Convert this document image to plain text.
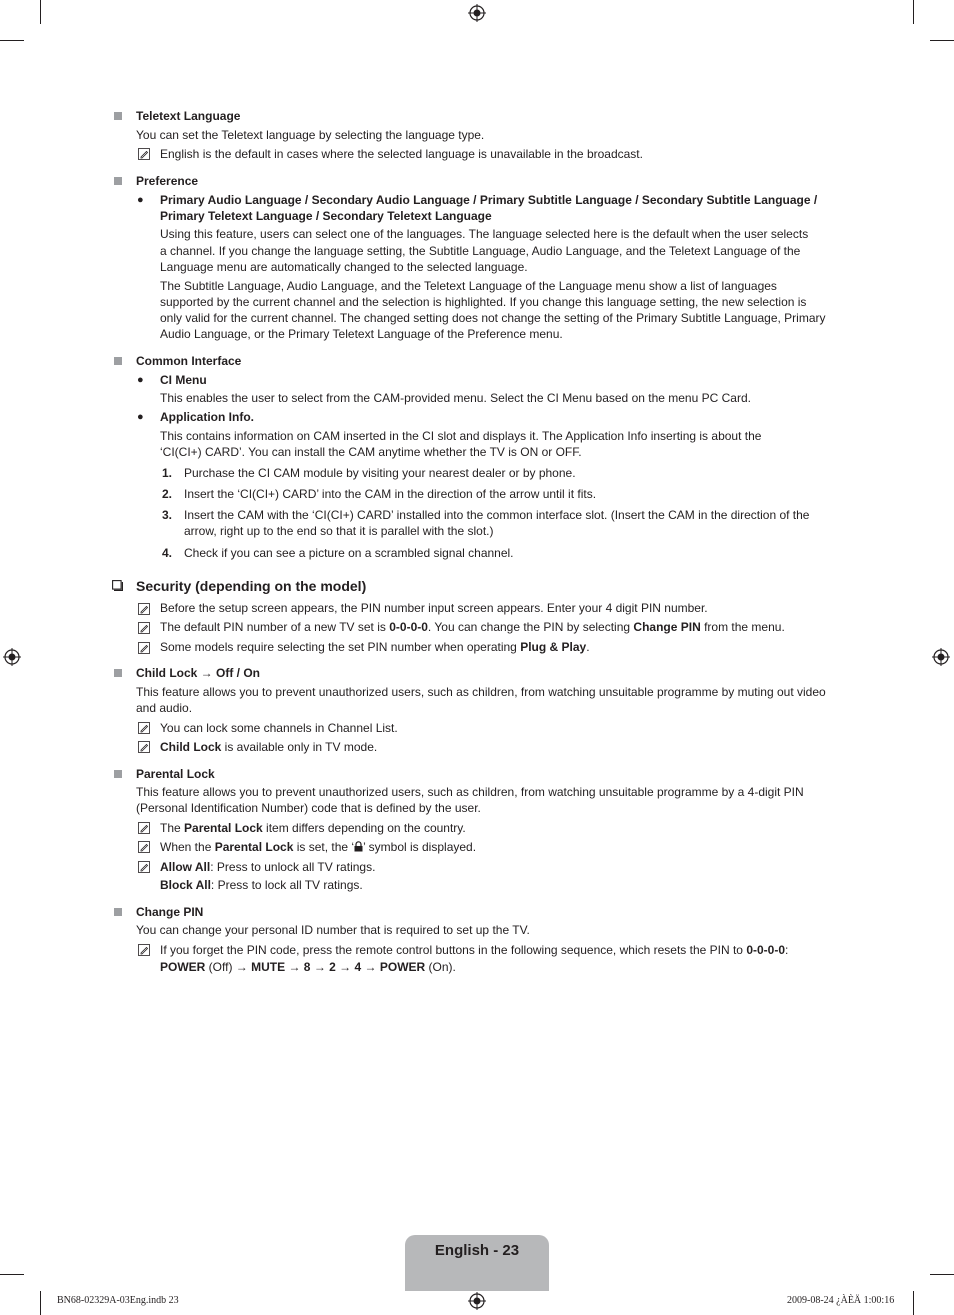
Teletext Language
You can set the Teletext language by selecting the language type.
English is the default in cases where the selected language is unavailable in the broadcast.
Preference
● Primary Audio Language / Secondary Audio Language / Primary Subtitle Language / Secondary Subtitle Language /
Primary Teletext Language / Secondary Teletext Language
Using this feature, users can select one of the languages. The language selected here is the default when the user selects
a channel. If you change the language setting, the Subtitle Language, Audio Language, and the Teletext Language of the
Language menu are automatically changed to the selected language.
The Subtitle Language, Audio Language, and the Teletext Language of the Language menu show a list of languages
supported by the current channel and the selection is highlighted. If you change this language setting, the new selection is
only valid for the current channel. The changed setting does not change the setting of the Primary Subtitle Language, Primary
Audio Language, or the Primary Teletext Language of the Preference menu.
Common Interface
● CI Menu
This enables the user to select from the CAM-provided menu. Select the CI Menu based on the menu PC Card.
● Application Info.
This contains information on CAM inserted in the CI slot and displays it. The Application Info inserting is about the
‘CI(CI+) CARD’. You can install the CAM anytime whether the TV is ON or OFF.
1. Purchase the CI CAM module by visiting your nearest dealer or by phone.
2. Insert the ‘CI(CI+) CARD’ into the CAM in the direction of the arrow until it fits.
3. Insert the CAM with the ‘CI(CI+) CARD’ installed into the common interface slot. (Insert the CAM in the direction of the
arrow, right up to the end so that it is parallel with the slot.)
4. Check if you can see a picture on a scrambled signal channel.
Security (depending on the model)
Before the setup screen appears, the PIN number input screen appears. Enter your 4 digit PIN number.
The default PIN number of a new TV set is 0-0-0-0. You can change the PIN by selecting Change PIN from the menu.
Some models require selecting the set PIN number when operating Plug & Play.
Child Lock → Off / On
This feature allows you to prevent unauthorized users, such as children, from watching unsuitable programme by muting out video
and audio.
You can lock some channels in Channel List.
Child Lock is available only in TV mode.
Parental Lock
This feature allows you to prevent unauthorized users, such as children, from watching unsuitable programme by a 4-digit PIN
(Personal Identification Number) code that is defined by the user.
The Parental Lock item differs depending on the country.
When the Parental Lock is set, the ‘ ’ symbol is displayed.
Allow All: Press to unlock all TV ratings.
Block All: Press to lock all TV ratings.
Change PIN
You can change your personal ID number that is required to set up the TV.
If you forget the PIN code, press the remote control buttons in the following sequence, which resets the PIN to 0-0-0-0:
POWER (Off) → MUTE → 8 → 2 → 4 → POWER (On).
English - 23
BN68-02329A-03Eng.indb 23	2009-08-24 ¿ÀÈÄ 1:00:16
